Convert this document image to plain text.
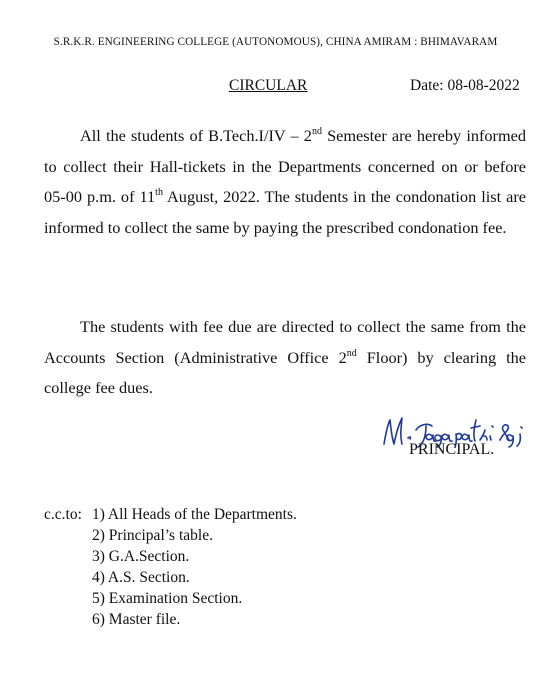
S.R.K.R. ENGINEERING COLLEGE (AUTONOMOUS), CHINA AMIRAM : BHIMAVARAM
CIRCULAR	Date: 08-08-2022

All the students of B.Tech.I/IV – 2nd Semester are hereby informed to collect their Hall-tickets in the Departments concerned on or before 05-00 p.m. of 11th August, 2022. The students in the condonation list are informed to collect the same by paying the prescribed condonation fee.

The students with fee due are directed to collect the same from the Accounts Section (Administrative Office 2nd Floor) by clearing the college fee dues.

PRINCIPAL.
c.c.to: 1) All Heads of the Departments.
2) Principal’s table.
3) G.A.Section.
4) A.S. Section.
5) Examination Section.
6) Master file.
